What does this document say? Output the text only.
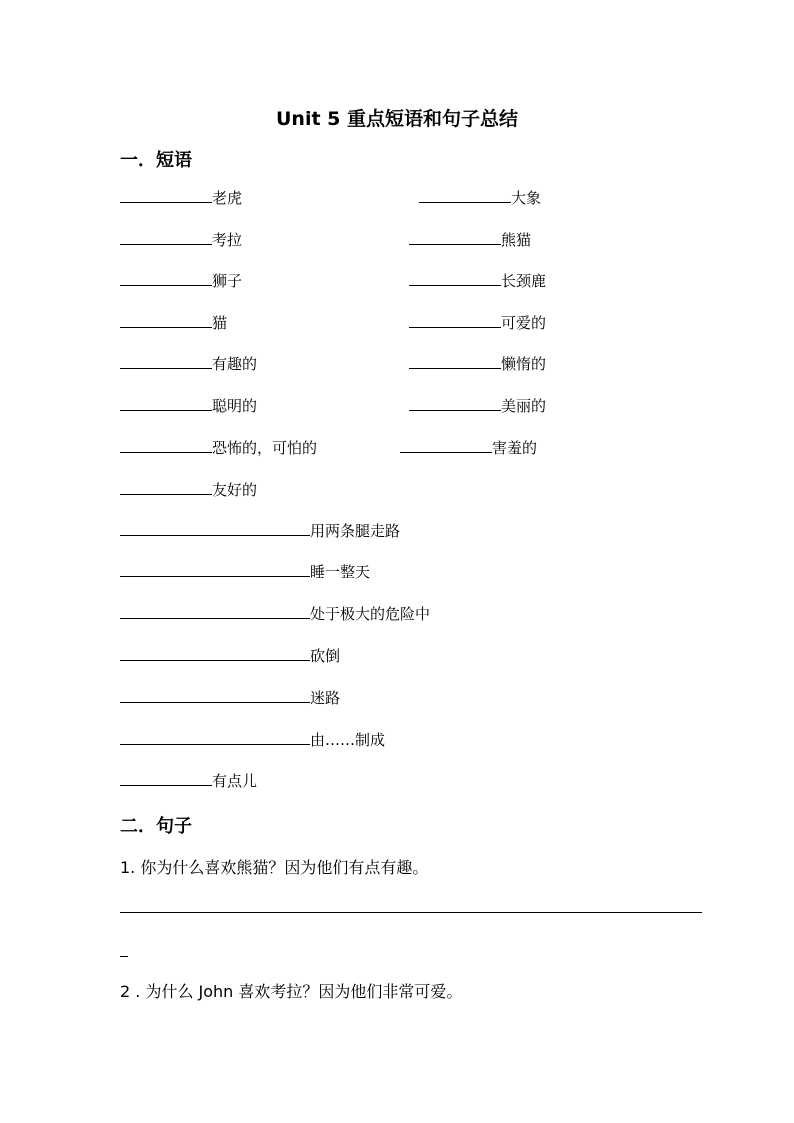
Unit 5 重点短语和句子总结
一．短语
老虎
考拉
狮子
猫
有趣的
聪明的
恐怖的，可怕的
友好的
大象
熊猫
长颈鹿
可爱的
懒惰的
美丽的
害羞的
用两条腿走路
睡一整天
处于极大的危险中
砍倒
迷路
由……制成
有点儿
二．句子
1. 你为什么喜欢熊猫？因为他们有点有趣。
2 . 为什么 John 喜欢考拉？因为他们非常可爱。
